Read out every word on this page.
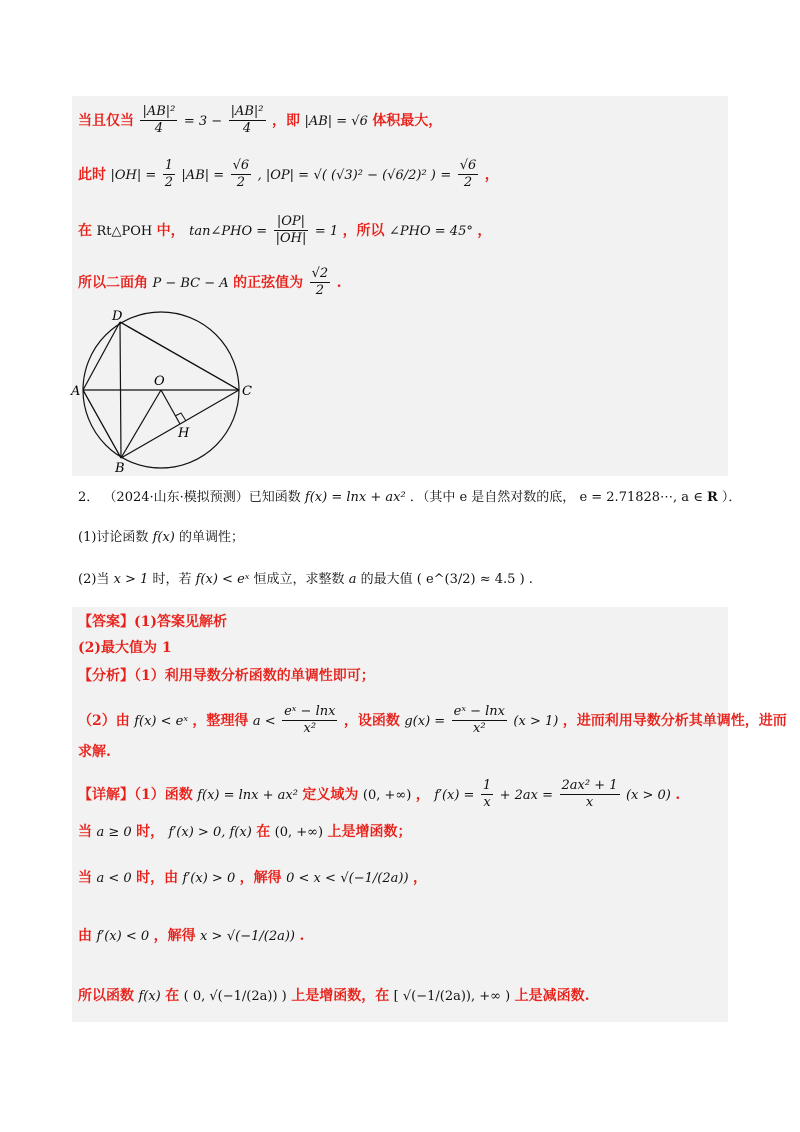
当且仅当 $\frac{\text{|AB|²}}{4} = 3 - \frac{\text{|AB|²}}{4}$ ，即 |AB| = √6 体积最大，
此时 $|OH| = \frac{1}{2} |AB| = \frac{√6}{2}$ , |OP| = √( (√3)² − (√6/2)² ) = $\frac{√6}{2}$ ，
在 Rt△POH 中， tan∠PHO = $\frac{|OP|}{|OH|} = 1$ ，所以 ∠PHO = 45° ，
所以二面角 P − BC − A 的正弦值为 $\frac{√2}{2}$ .
D
A	C
O
H
B
2． （2024·山东·模拟预测）已知函数 f(x) = lnx + ax² ．（其中 e 是自然对数的底， e = 2.71828⋯, a ∈ R ）．
(1)讨论函数 f(x) 的单调性；
(2)当 x > 1 时，若 f(x) < eˣ 恒成立，求整数 a 的最大值 ( e^(3/2) ≈ 4.5 ) .
【答案】(1)答案见解析
(2)最大值为 1
【分析】（1）利用导数分析函数的单调性即可；
（2）由 f(x) < eˣ ，整理得 $a < \frac{\text{eˣ − lnx}}{\text{x²}}$ ，设函数 $g(x) = \frac{\text{eˣ − lnx}}{\text{x²}} (x > 1)$ ，进而利用导数分析其单调性，进而
求解.
【详解】（1）函数 f(x) = lnx + ax² 定义域为 (0, +∞) ， $f'(x) = \frac{1}{x} + 2ax = \frac{\text{2ax² + 1}}{x} (x > 0)$ .
当 a ≥ 0 时， f′(x) > 0, f(x) 在 (0, +∞) 上是增函数；
当 a < 0 时，由 f′(x) > 0 ，解得 0 < x < √(−1/(2a)) ，
由 f′(x) < 0 ，解得 x > √(−1/(2a)) .
所以函数 f(x) 在 ( 0, √(−1/(2a)) ) 上是增函数，在 [ √(−1/(2a)), +∞ ) 上是减函数.
